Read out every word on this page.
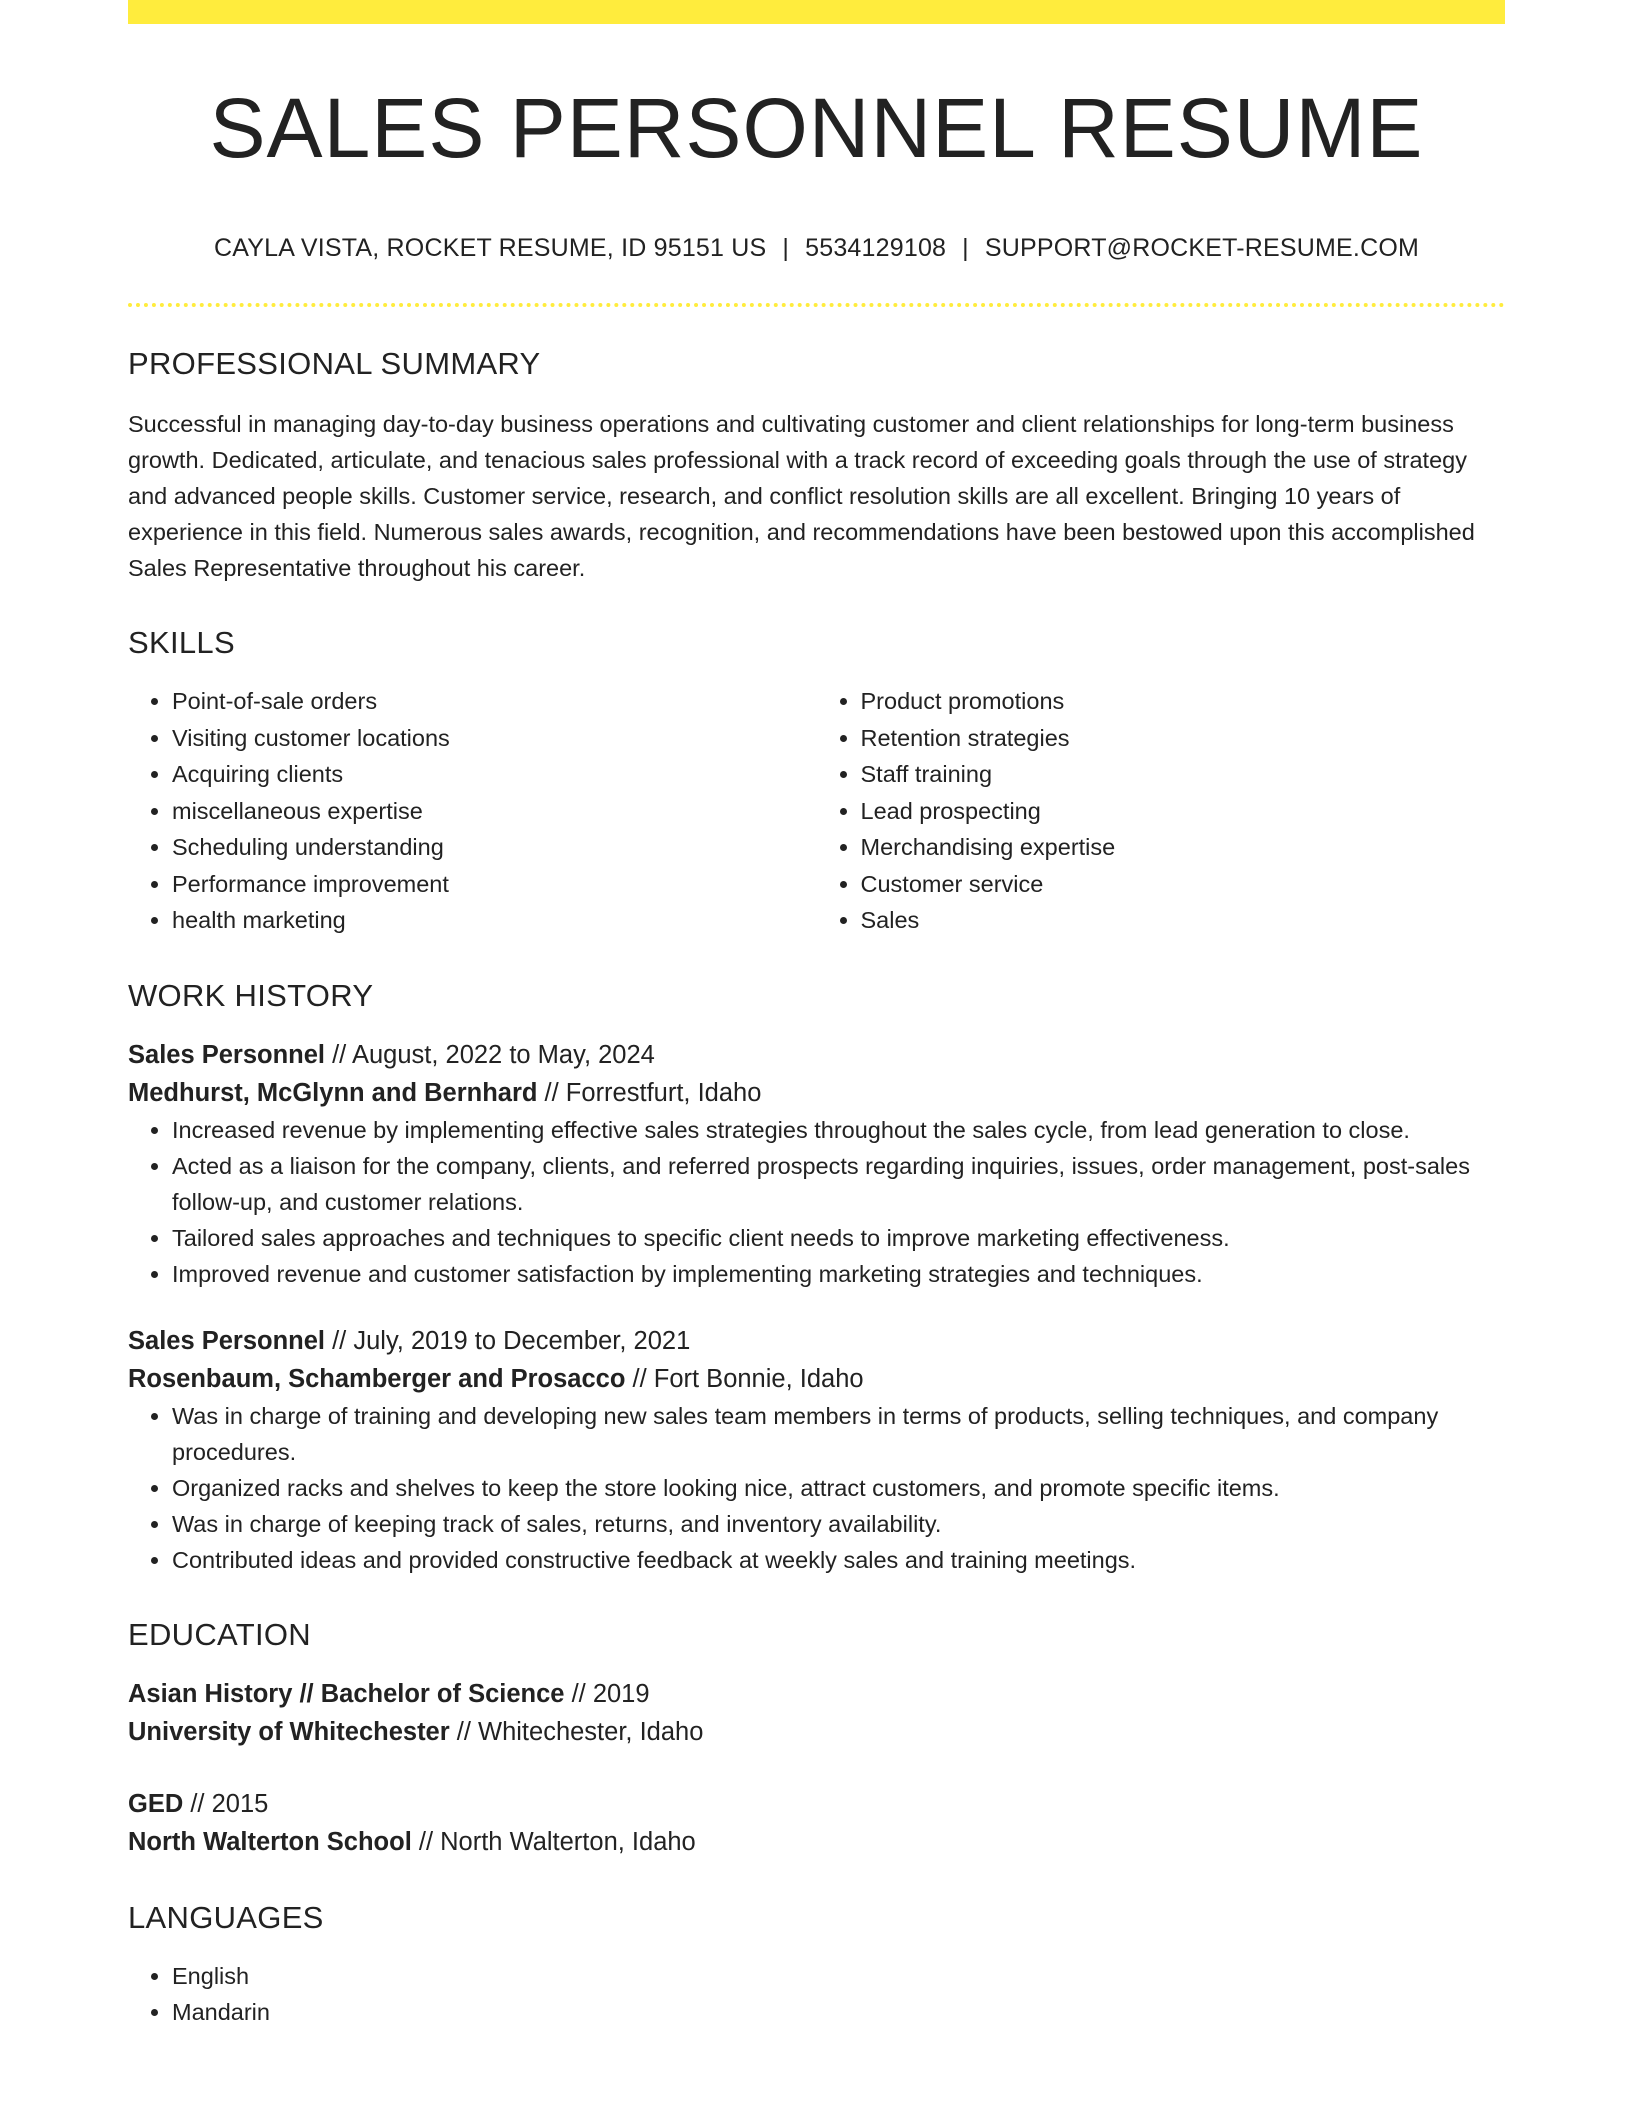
SALES PERSONNEL RESUME
CAYLA VISTA, ROCKET RESUME, ID 95151 US | 5534129108 | SUPPORT@ROCKET-RESUME.COM
PROFESSIONAL SUMMARY

Successful in managing day-to-day business operations and cultivating customer and client relationships for long-term business growth. Dedicated, articulate, and tenacious sales professional with a track record of exceeding goals through the use of strategy and advanced people skills. Customer service, research, and conflict resolution skills are all excellent. Bringing 10 years of experience in this field. Numerous sales awards, recognition, and recommendations have been bestowed upon this accomplished Sales Representative throughout his career.

SKILLS
• Point-of-sale orders
• Visiting customer locations
• Acquiring clients
• miscellaneous expertise
• Scheduling understanding
• Performance improvement
• health marketing
• Product promotions
• Retention strategies
• Staff training
• Lead prospecting
• Merchandising expertise
• Customer service
• Sales
WORK HISTORY
Sales Personnel // August, 2022 to May, 2024
Medhurst, McGlynn and Bernhard // Forrestfurt, Idaho
• Increased revenue by implementing effective sales strategies throughout the sales cycle, from lead generation to close.
• Acted as a liaison for the company, clients, and referred prospects regarding inquiries, issues, order management, post-sales follow-up, and customer relations.
• Tailored sales approaches and techniques to specific client needs to improve marketing effectiveness.
• Improved revenue and customer satisfaction by implementing marketing strategies and techniques.
Sales Personnel // July, 2019 to December, 2021
Rosenbaum, Schamberger and Prosacco // Fort Bonnie, Idaho
• Was in charge of training and developing new sales team members in terms of products, selling techniques, and company procedures.
• Organized racks and shelves to keep the store looking nice, attract customers, and promote specific items.
• Was in charge of keeping track of sales, returns, and inventory availability.
• Contributed ideas and provided constructive feedback at weekly sales and training meetings.
EDUCATION
Asian History // Bachelor of Science // 2019
University of Whitechester // Whitechester, Idaho
GED // 2015
North Walterton School // North Walterton, Idaho
LANGUAGES
• English
• Mandarin
